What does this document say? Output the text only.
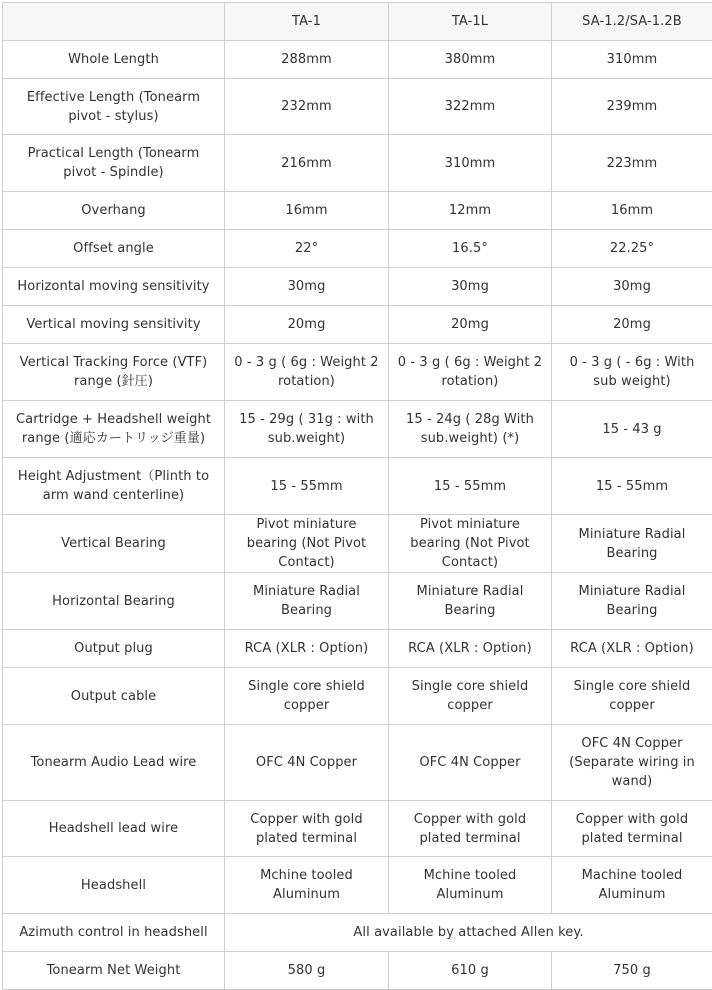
	TA-1	TA-1L	SA-1.2/SA-1.2B
Whole Length	288mm	380mm	310mm
Effective Length (Tonearm pivot - stylus)	232mm	322mm	239mm
Practical Length (Tonearm pivot - Spindle)	216mm	310mm	223mm
Overhang	16mm	12mm	16mm
Offset angle	22°	16.5°	22.25°
Horizontal moving sensitivity	30mg	30mg	30mg
Vertical moving sensitivity	20mg	20mg	20mg
Vertical Tracking Force (VTF) range (針圧)	0 - 3 g ( 6g : Weight 2 rotation)	0 - 3 g ( 6g : Weight 2 rotation)	0 - 3 g ( - 6g : With sub weight)
Cartridge + Headshell weight range (適応カートリッジ重量)	15 - 29g ( 31g : with sub.weight)	15 - 24g ( 28g With sub.weight) (*)	15 - 43 g
Height Adjustment（Plinth to arm wand centerline)	15 - 55mm	15 - 55mm	15 - 55mm
Vertical Bearing	Pivot miniature bearing (Not Pivot Contact)	Pivot miniature bearing (Not Pivot Contact)	Miniature Radial Bearing
Horizontal Bearing	Miniature Radial Bearing	Miniature Radial Bearing	Miniature Radial Bearing
Output plug	RCA (XLR : Option)	RCA (XLR : Option)	RCA (XLR : Option)
Output cable	Single core shield copper	Single core shield copper	Single core shield copper
Tonearm Audio Lead wire	OFC 4N Copper	OFC 4N Copper	OFC 4N Copper (Separate wiring in wand)
Headshell lead wire	Copper with gold plated terminal	Copper with gold plated terminal	Copper with gold plated terminal
Headshell	Mchine tooled Aluminum	Mchine tooled Aluminum	Machine tooled Aluminum
Azimuth control in headshell	All available by attached Allen key.		
Tonearm Net Weight	580 g	610 g	750 g
